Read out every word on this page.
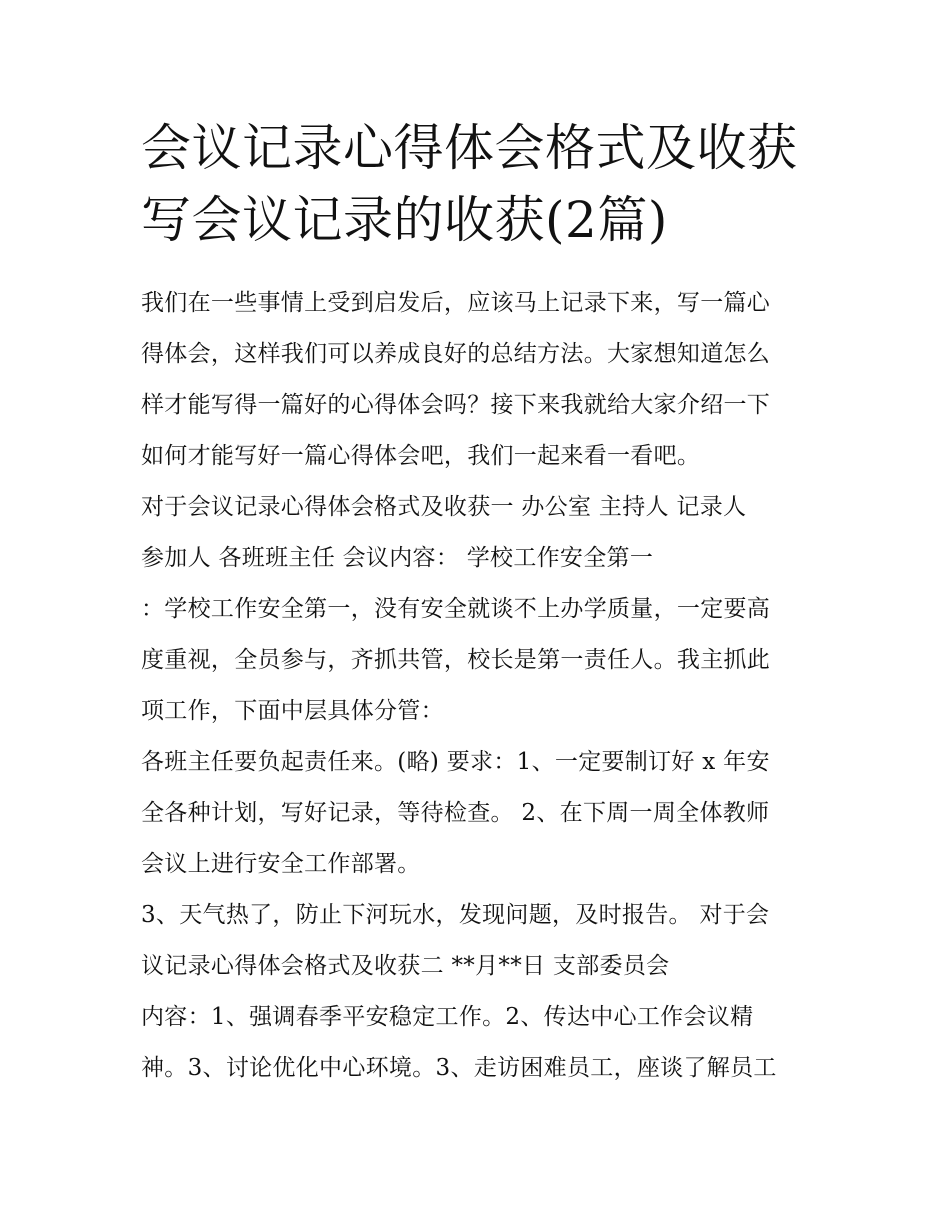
会议记录心得体会格式及收获
写会议记录的收获(2篇)
我们在一些事情上受到启发后，应该马上记录下来，写一篇心
得体会，这样我们可以养成良好的总结方法。大家想知道怎么
样才能写得一篇好的心得体会吗？接下来我就给大家介绍一下
如何才能写好一篇心得体会吧，我们一起来看一看吧。
对于会议记录心得体会格式及收获一 办公室 主持人 记录人
参加人 各班班主任 会议内容： 学校工作安全第一
：学校工作安全第一，没有安全就谈不上办学质量，一定要高
度重视，全员参与，齐抓共管，校长是第一责任人。我主抓此
项工作，下面中层具体分管：
各班主任要负起责任来。(略) 要求：1、一定要制订好 x 年安
全各种计划，写好记录，等待检查。 2、在下周一周全体教师
会议上进行安全工作部署。
3、天气热了，防止下河玩水，发现问题，及时报告。 对于会
议记录心得体会格式及收获二 **月**日 支部委员会
内容：1、强调春季平安稳定工作。2、传达中心工作会议精
神。3、讨论优化中心环境。3、走访困难员工，座谈了解员工
